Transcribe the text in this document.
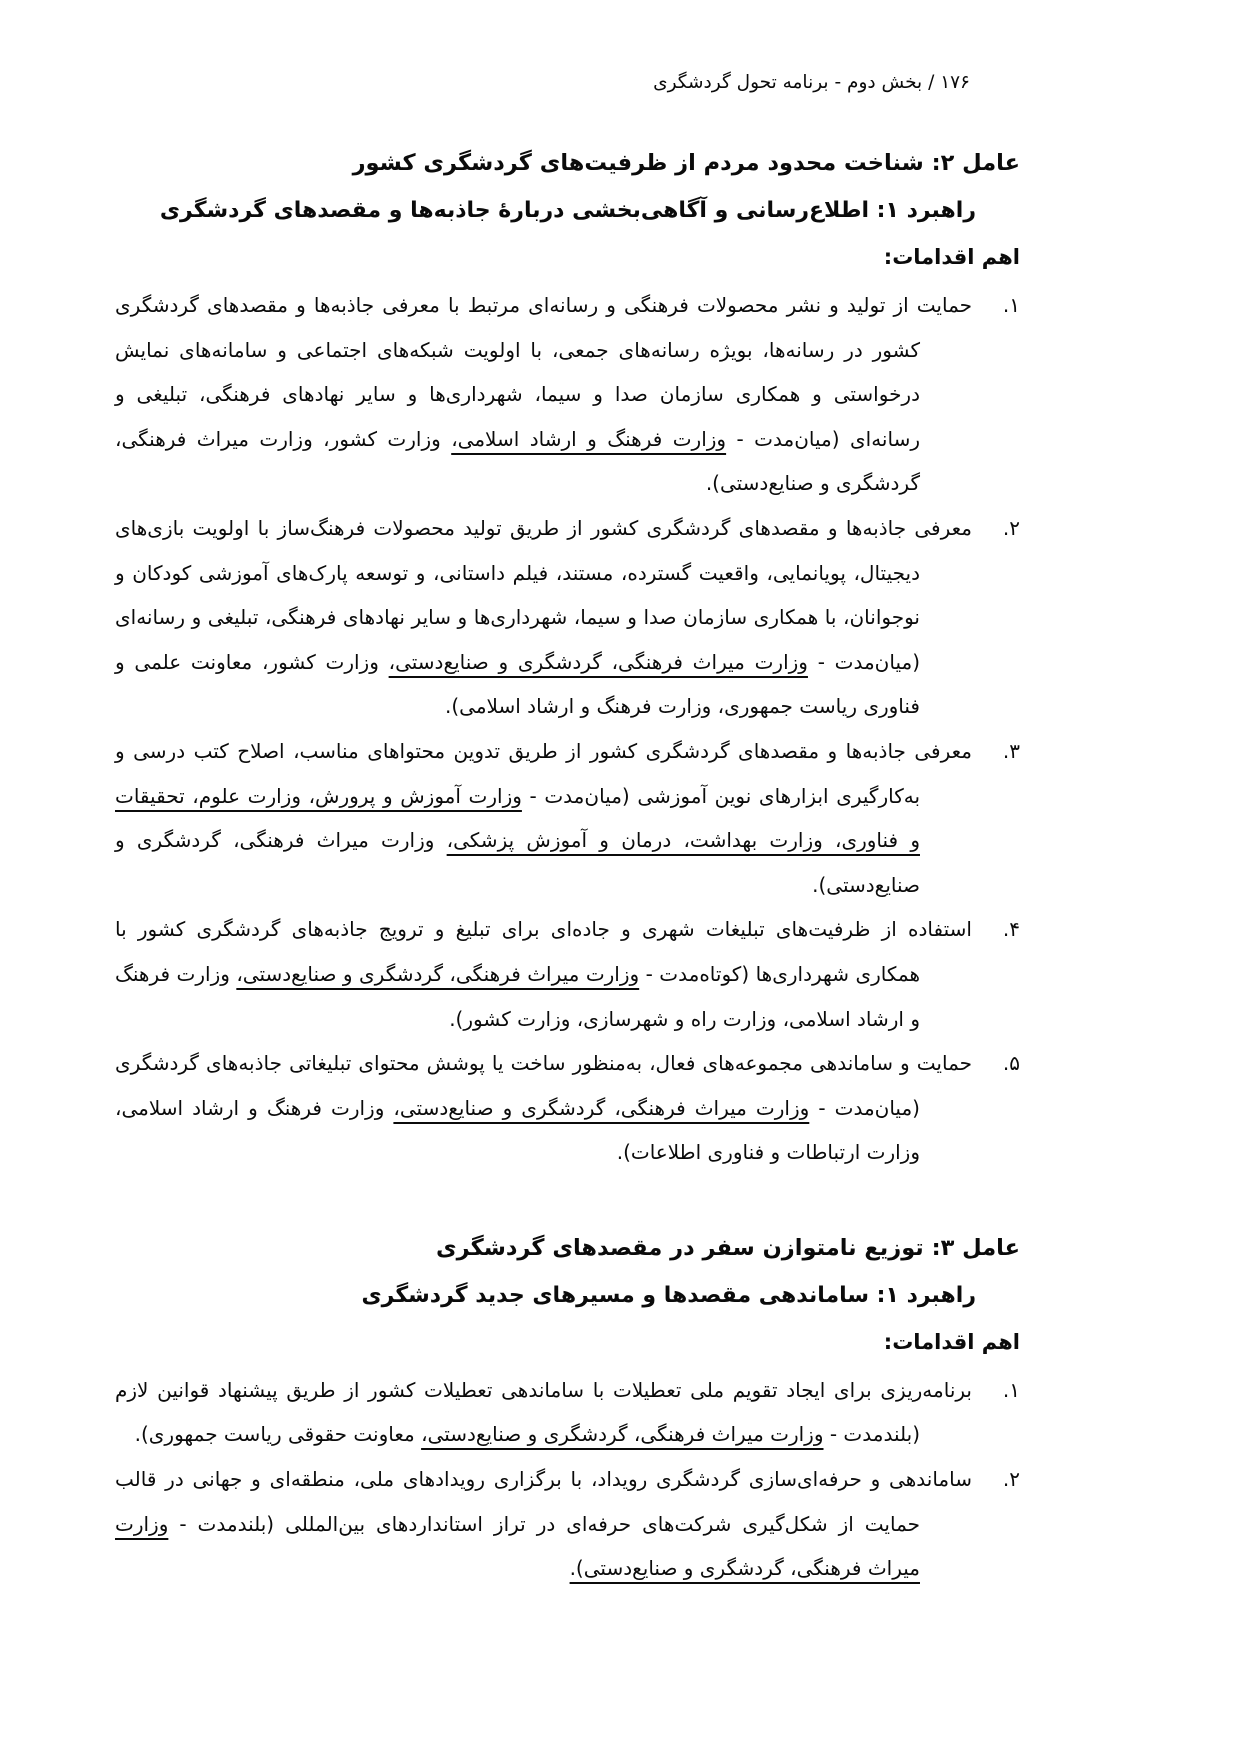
۱۷۶ / بخش دوم - برنامه تحول گردشگری
عامل ۲: شناخت محدود مردم از ظرفیت‌های گردشگری کشور
راهبرد ۱: اطلاع‌رسانی و آگاهی‌بخشی دربارۀ جاذبه‌ها و مقصدهای گردشگری
اهم اقدامات:
۱.
حمایت از تولید و نشر محصولات فرهنگی و رسانه‌ای مرتبط با معرفی جاذبه‌ها و مقصدهای گردشگری کشور در رسانه‌ها، بویژه رسانه‌های جمعی، با اولویت شبکه‌های اجتماعی و سامانه‌های نمایش درخواستی و همکاری سازمان صدا و سیما، شهرداری‌ها و سایر نهادهای فرهنگی، تبلیغی و رسانه‌ای (میان‌مدت - وزارت فرهنگ و ارشاد اسلامی، وزارت کشور، وزارت میراث فرهنگی، گردشگری و صنایع‌دستی).
۲.
معرفی جاذبه‌ها و مقصدهای گردشگری کشور از طریق تولید محصولات فرهنگ‌ساز با اولویت بازی‌های دیجیتال، پویانمایی، واقعیت گسترده، مستند، فیلم داستانی، و توسعه پارک‌های آموزشی کودکان و نوجوانان، با همکاری سازمان صدا و سیما، شهرداری‌ها و سایر نهادهای فرهنگی، تبلیغی و رسانه‌ای (میان‌مدت - وزارت میراث فرهنگی، گردشگری و صنایع‌دستی، وزارت کشور، معاونت علمی و فناوری ریاست جمهوری، وزارت فرهنگ و ارشاد اسلامی).
۳.
معرفی جاذبه‌ها و مقصدهای گردشگری کشور از طریق تدوین محتواهای مناسب، اصلاح کتب درسی و به‌کارگیری ابزارهای نوین آموزشی (میان‌مدت - وزارت آموزش و پرورش، وزارت علوم، تحقیقات و فناوری، وزارت بهداشت، درمان و آموزش پزشکی، وزارت میراث فرهنگی، گردشگری و صنایع‌دستی).
۴.
استفاده از ظرفیت‌های تبلیغات شهری و جاده‌ای برای تبلیغ و ترویج جاذبه‌های گردشگری کشور با همکاری شهرداری‌ها (کوتاه‌مدت - وزارت میراث فرهنگی، گردشگری و صنایع‌دستی، وزارت فرهنگ و ارشاد اسلامی، وزارت راه و شهرسازی، وزارت کشور).
۵.
حمایت و ساماندهی مجموعه‌های فعال، به‌منظور ساخت یا پوشش محتوای تبلیغاتی جاذبه‌های گردشگری (میان‌مدت - وزارت میراث فرهنگی، گردشگری و صنایع‌دستی، وزارت فرهنگ و ارشاد اسلامی، وزارت ارتباطات و فناوری اطلاعات).
عامل ۳: توزیع نامتوازن سفر در مقصدهای گردشگری
راهبرد ۱: ساماندهی مقصدها و مسیرهای جدید گردشگری
اهم اقدامات:
۱.
برنامه‌ریزی برای ایجاد تقویم ملی تعطیلات با ساماندهی تعطیلات کشور از طریق پیشنهاد قوانین لازم (بلندمدت - وزارت میراث فرهنگی، گردشگری و صنایع‌دستی، معاونت حقوقی ریاست جمهوری).
۲.
ساماندهی و حرفه‌ای‌سازی گردشگری رویداد، با برگزاری رویدادهای ملی، منطقه‌ای و جهانی در قالب حمایت از شکل‌گیری شرکت‌های حرفه‌ای در تراز استانداردهای بین‌المللی (بلندمدت - وزارت میراث فرهنگی، گردشگری و صنایع‌دستی).
